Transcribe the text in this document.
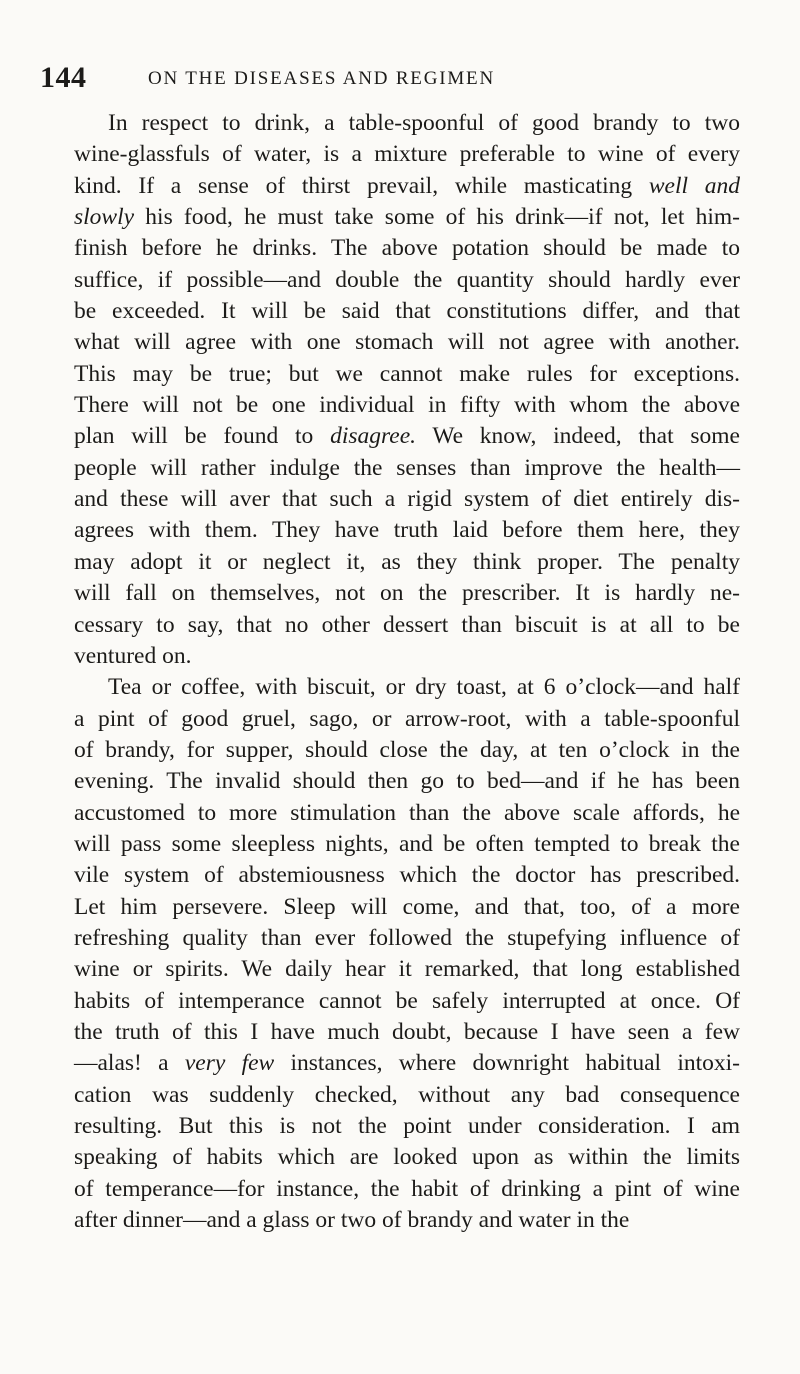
144	ON THE DISEASES AND REGIMEN
In respect to drink, a table-spoonful of good brandy to two
wine-glassfuls of water, is a mixture preferable to wine of every
kind. If a sense of thirst prevail, while masticating well and
slowly his food, he must take some of his drink—if not, let him-
finish before he drinks. The above potation should be made to
suffice, if possible—and double the quantity should hardly ever
be exceeded. It will be said that constitutions differ, and that
what will agree with one stomach will not agree with another.
This may be true; but we cannot make rules for exceptions.
There will not be one individual in fifty with whom the above
plan will be found to disagree. We know, indeed, that some
people will rather indulge the senses than improve the health—
and these will aver that such a rigid system of diet entirely dis-
agrees with them. They have truth laid before them here, they
may adopt it or neglect it, as they think proper. The penalty
will fall on themselves, not on the prescriber. It is hardly ne-
cessary to say, that no other dessert than biscuit is at all to be
ventured on.
Tea or coffee, with biscuit, or dry toast, at 6 o’clock—and half
a pint of good gruel, sago, or arrow-root, with a table-spoonful
of brandy, for supper, should close the day, at ten o’clock in the
evening. The invalid should then go to bed—and if he has been
accustomed to more stimulation than the above scale affords, he
will pass some sleepless nights, and be often tempted to break the
vile system of abstemiousness which the doctor has prescribed.
Let him persevere. Sleep will come, and that, too, of a more
refreshing quality than ever followed the stupefying influence of
wine or spirits. We daily hear it remarked, that long established
habits of intemperance cannot be safely interrupted at once. Of
the truth of this I have much doubt, because I have seen a few
—alas! a very few instances, where downright habitual intoxi-
cation was suddenly checked, without any bad consequence
resulting. But this is not the point under consideration. I am
speaking of habits which are looked upon as within the limits
of temperance—for instance, the habit of drinking a pint of wine
after dinner—and a glass or two of brandy and water in the
